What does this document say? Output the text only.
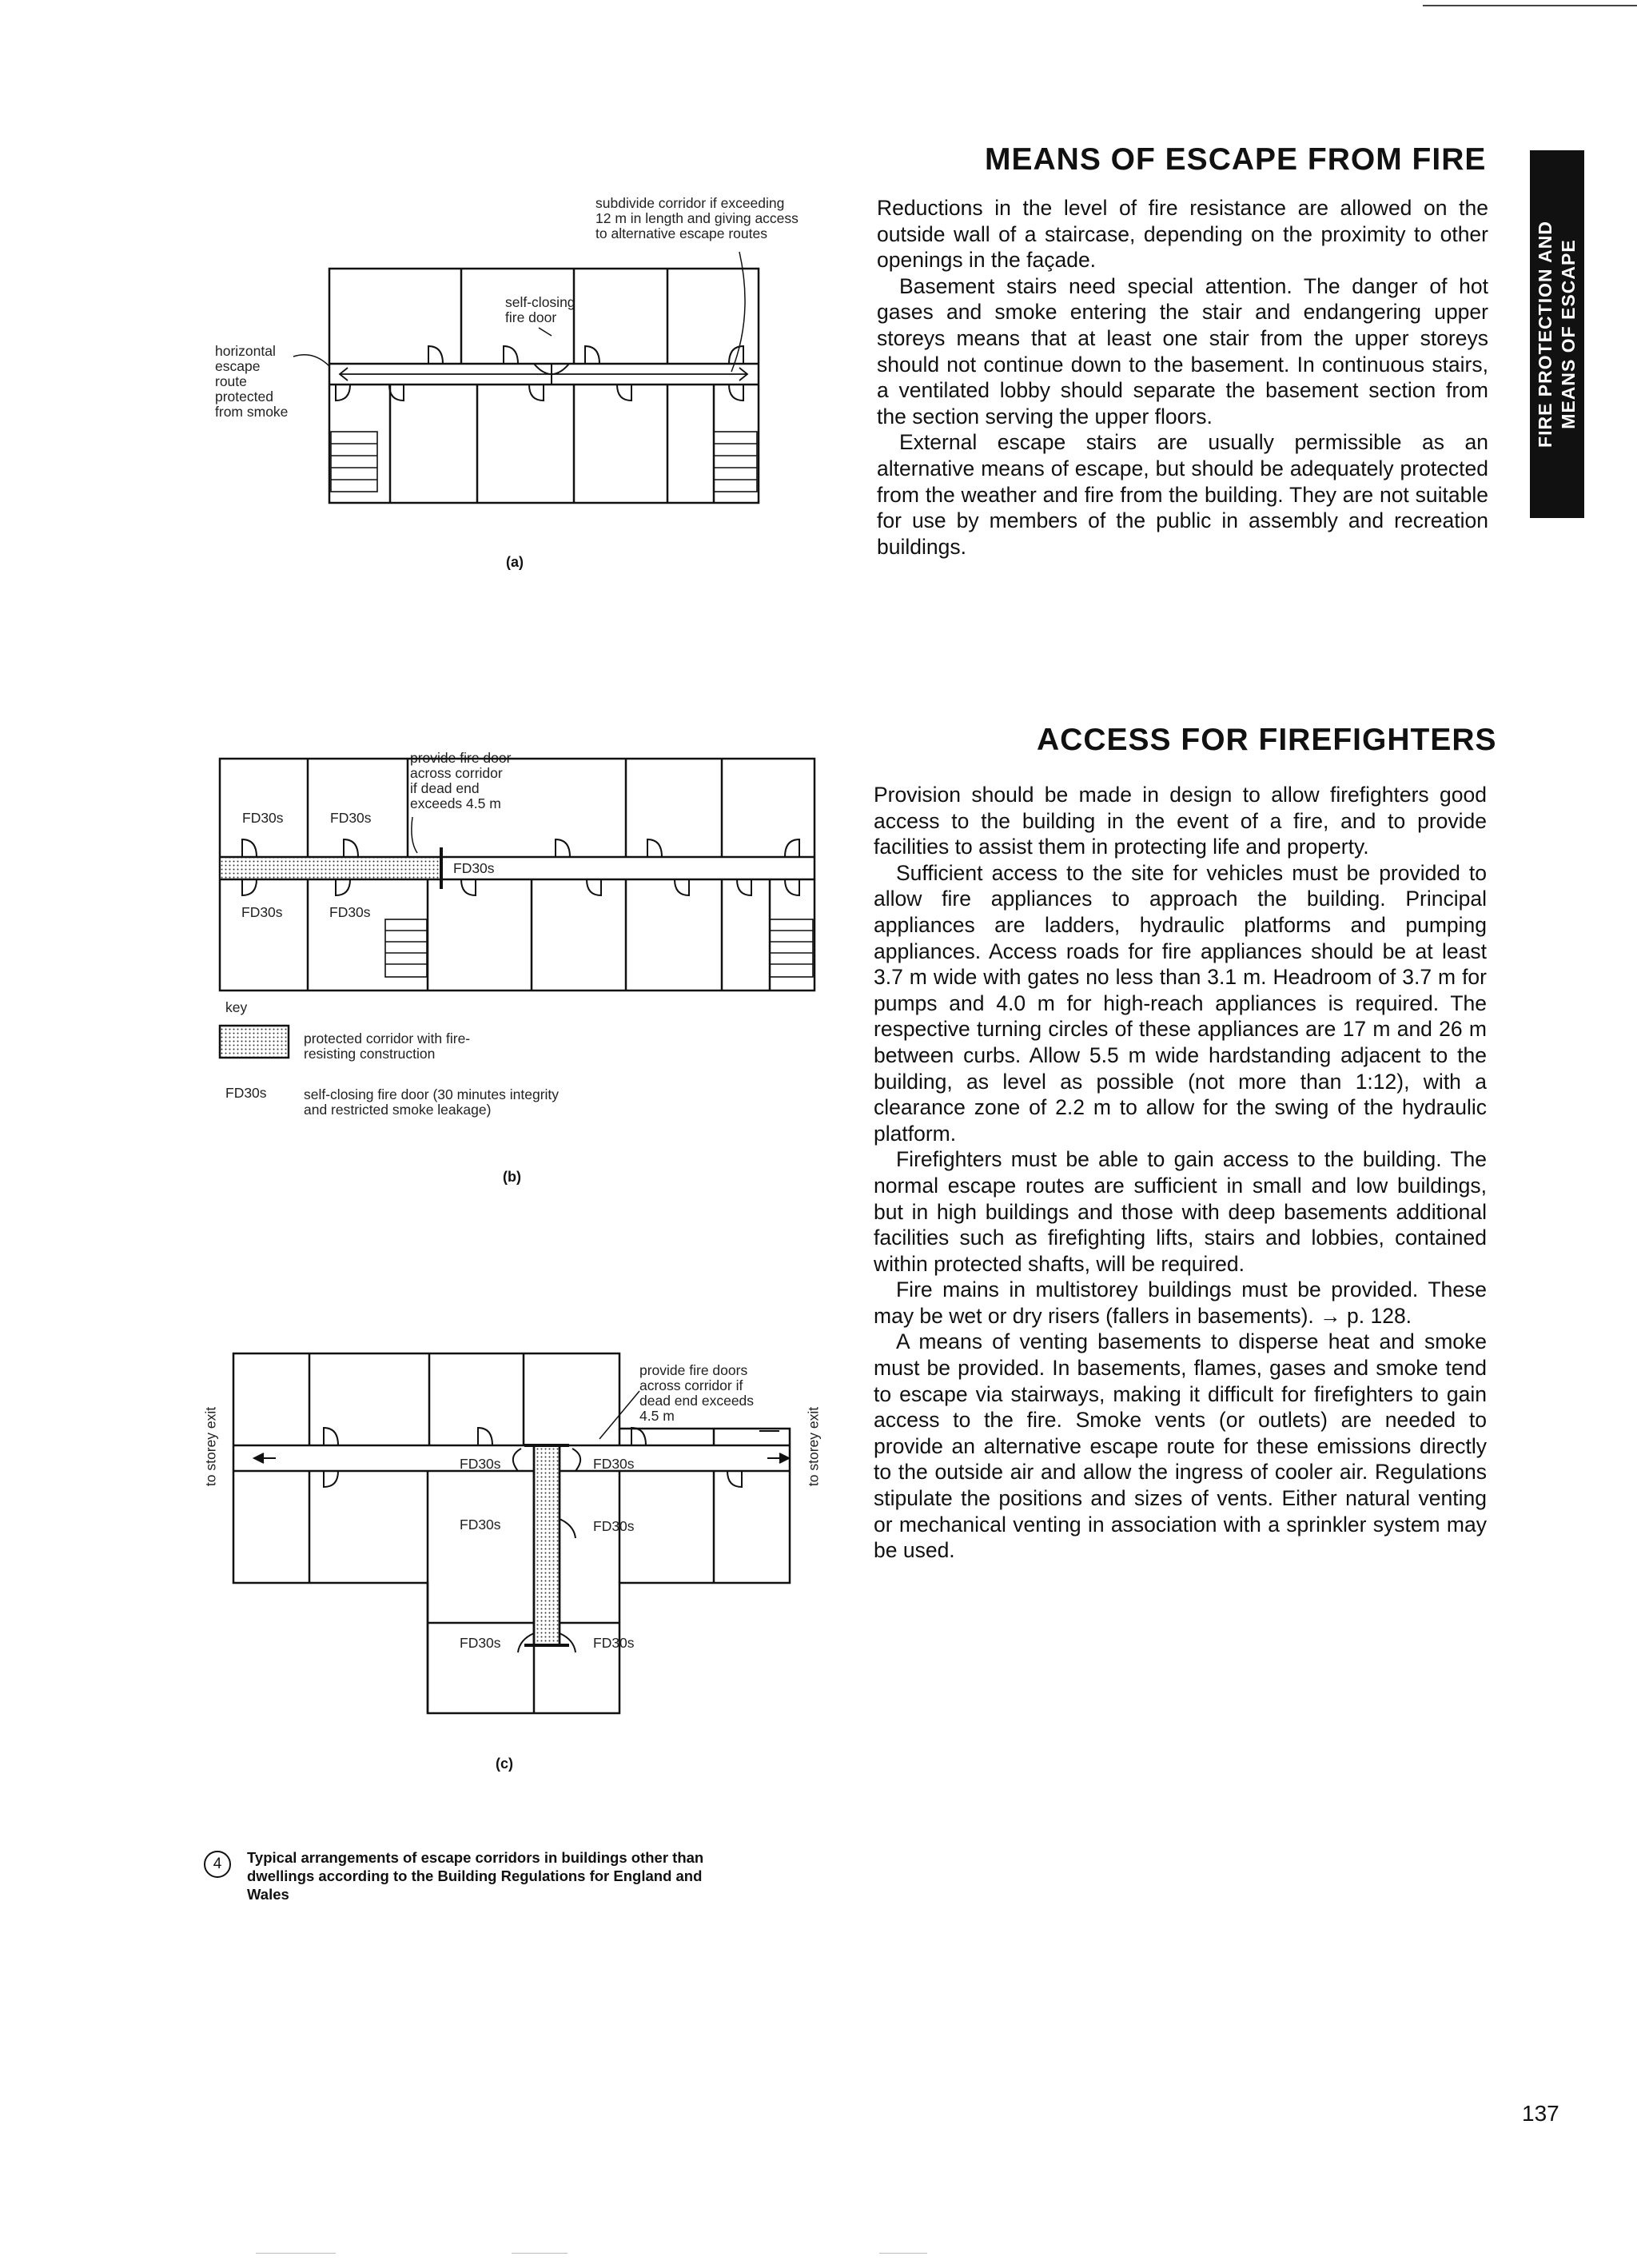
FIRE PROTECTION AND MEANS OF ESCAPE
MEANS OF ESCAPE FROM FIRE

Reductions in the level of fire resistance are allowed on the outside wall of a staircase, depending on the proximity to other openings in the façade.

Basement stairs need special attention. The danger of hot gases and smoke entering the stair and endangering upper storeys means that at least one stair from the upper storeys should not continue down to the basement. In continuous stairs, a ventilated lobby should separate the basement section from the section serving the upper floors.

External escape stairs are usually permissible as an alternative means of escape, but should be adequately protected from the weather and fire from the building. They are not suitable for use by members of the public in assembly and recreation buildings.

ACCESS FOR FIREFIGHTERS

Provision should be made in design to allow firefighters good access to the building in the event of a fire, and to provide facilities to assist them in protecting life and property.

Sufficient access to the site for vehicles must be provided to allow fire appliances to approach the building. Principal appliances are ladders, hydraulic platforms and pumping appliances. Access roads for fire appliances should be at least 3.7 m wide with gates no less than 3.1 m. Headroom of 3.7 m for pumps and 4.0 m for high-reach appliances is required. The respective turning circles of these appliances are 17 m and 26 m between curbs. Allow 5.5 m wide hardstanding adjacent to the building, as level as possible (not more than 1:12), with a clearance zone of 2.2 m to allow for the swing of the hydraulic platform.

Firefighters must be able to gain access to the building. The normal escape routes are sufficient in small and low buildings, but in high buildings and those with deep basements additional facilities such as firefighting lifts, stairs and lobbies, contained within protected shafts, will be required.

Fire mains in multistorey buildings must be provided. These may be wet or dry risers (fallers in basements). → p. 128.

A means of venting basements to disperse heat and smoke must be provided. In basements, flames, gases and smoke tend to escape via stairways, making it difficult for firefighters to gain access to the fire. Smoke vents (or outlets) are needed to provide an alternative escape route for these emissions directly to the outside air and allow the ingress of cooler air. Regulations stipulate the positions and sizes of vents. Either natural venting or mechanical venting in association with a sprinkler system may be used.

subdivide corridor if exceeding
12 m in length and giving access
to alternative escape routes
self-closing
fire door
horizontal
escape
route
protected
from smoke
(a)
provide fire door
across corridor
if dead end
exceeds 4.5 m
FD30s	FD30s
FD30s
FD30s	FD30s
key
protected corridor with fire-
resisting construction
FD30s	self-closing fire door (30 minutes integrity
and restricted smoke leakage)
(b)
provide fire doors
across corridor if
dead end exceeds
4.5 m
to storey exit	to storey exit
FD30s	FD30s
FD30s	FD30s
FD30s	FD30s
(c)
4	Typical arrangements of escape corridors in buildings other than
dwellings according to the Building Regulations for England and
Wales
137
